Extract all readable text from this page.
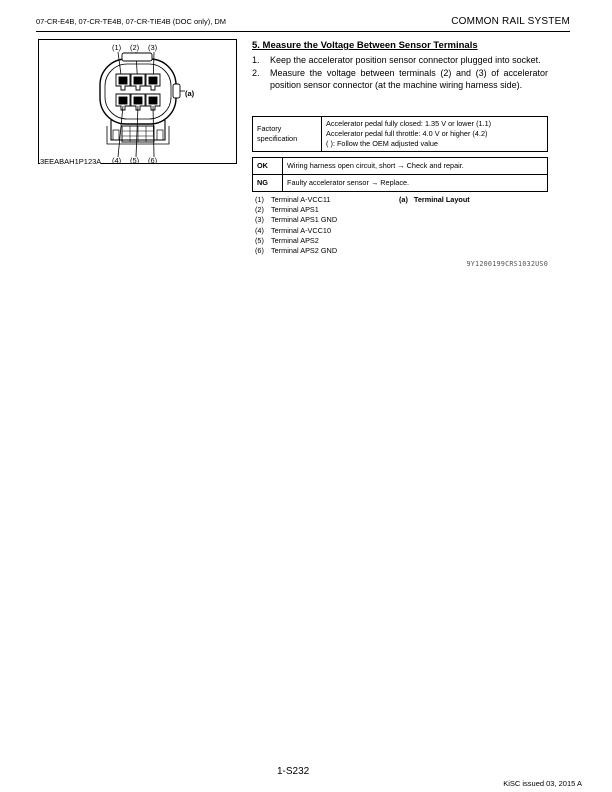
07-CR-E4B, 07-CR-TE4B, 07-CR-TIE4B (DOC only), DM	COMMON RAIL SYSTEM
(1) (2) (3)
(a)
(4) (5) (6)
3EEABAH1P123A
5. Measure the Voltage Between Sensor Terminals
1.	Keep the accelerator position sensor connector plugged into socket.
2.	Measure the voltage between terminals (2) and (3) of accelerator position sensor connector (at the machine wiring harness side).
Factory specification	
Accelerator pedal fully closed: 1.35 V or lower (1.1)
Accelerator pedal full throttle: 4.0 V or higher (4.2)
( ): Follow the OEM adjusted value
OK	Wiring harness open circuit, short → Check and repair.
NG	Faulty accelerator sensor → Replace.
(1) Terminal A-VCC11
(2) Terminal APS1
(3) Terminal APS1 GND
(4) Terminal A-VCC10
(5) Terminal APS2
(6) Terminal APS2 GND
(a) Terminal Layout
9Y1200199CRS1032US0
1-S232
KiSC issued 03, 2015 A
